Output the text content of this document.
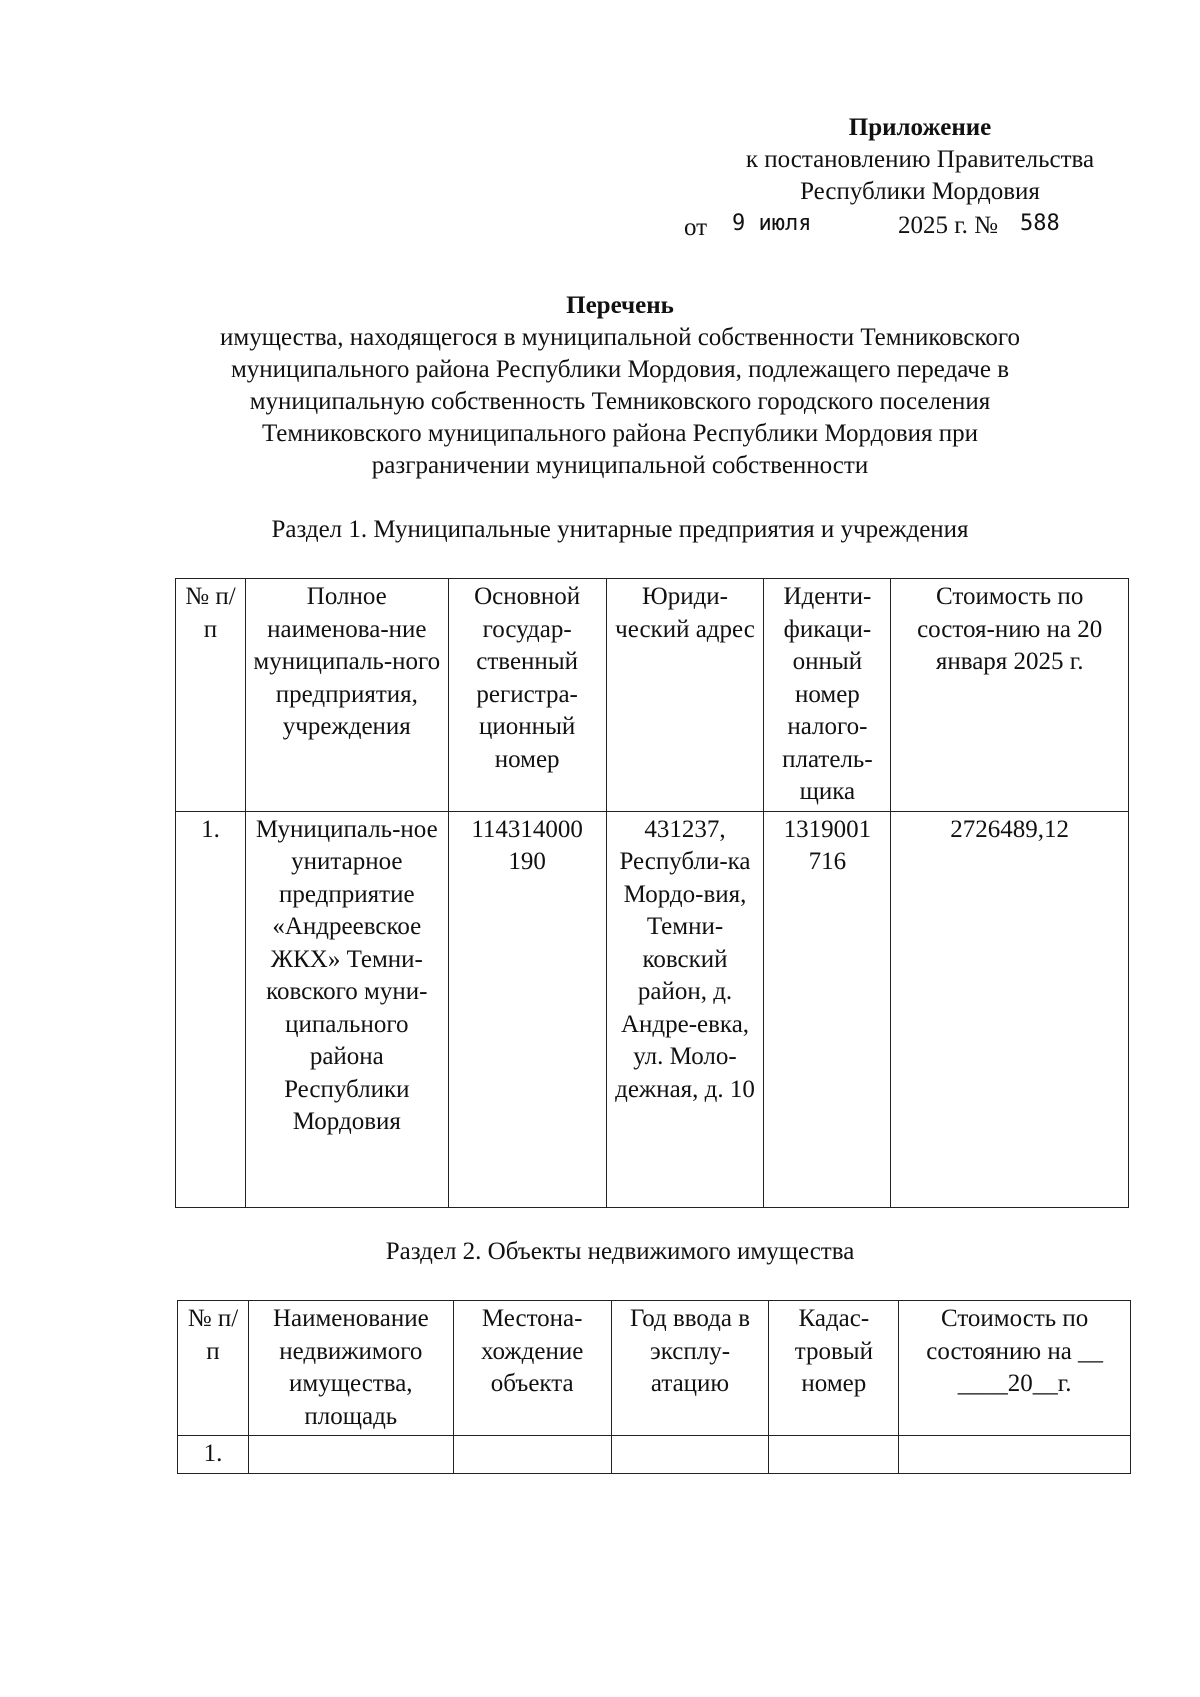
Приложение
к постановлению Правительства
Республики Мордовия
от 9 июля	2025 г. № 588
Перечень
имущества, находящегося в муниципальной собственности Темниковского
муниципального района Республики Мордовия, подлежащего передаче в
муниципальную собственность Темниковского городского поселения
Темниковского муниципального района Республики Мордовия при
разграничении муниципальной собственности
Раздел 1. Муниципальные унитарные предприятия и учреждения
№ п/п	Полное наименова-ние муниципаль-ного предприятия, учреждения	Основной государ-ственный регистра-ционный номер	Юриди-ческий адрес	Иденти-фикаци-онный номер налого-платель-щика	Стоимость по состоя-нию на 20 января 2025 г.
1.	Муниципаль-ное унитарное предприятие «Андреевское ЖКХ» Темни-ковского муни-ципального района Республики Мордовия	114314000 190	431237, Республи-ка Мордо-вия, Темни-ковский район, д. Андре-евка, ул. Моло-дежная, д. 10	1319001 716	2726489,12
Раздел 2. Объекты недвижимого имущества
№ п/п	Наименование недвижимого имущества, площадь	Местона-хождение объекта	Год ввода в эксплу-атацию	Кадас-тровый номер	Стоимость по состоянию на __ ____20__г.
1.					
